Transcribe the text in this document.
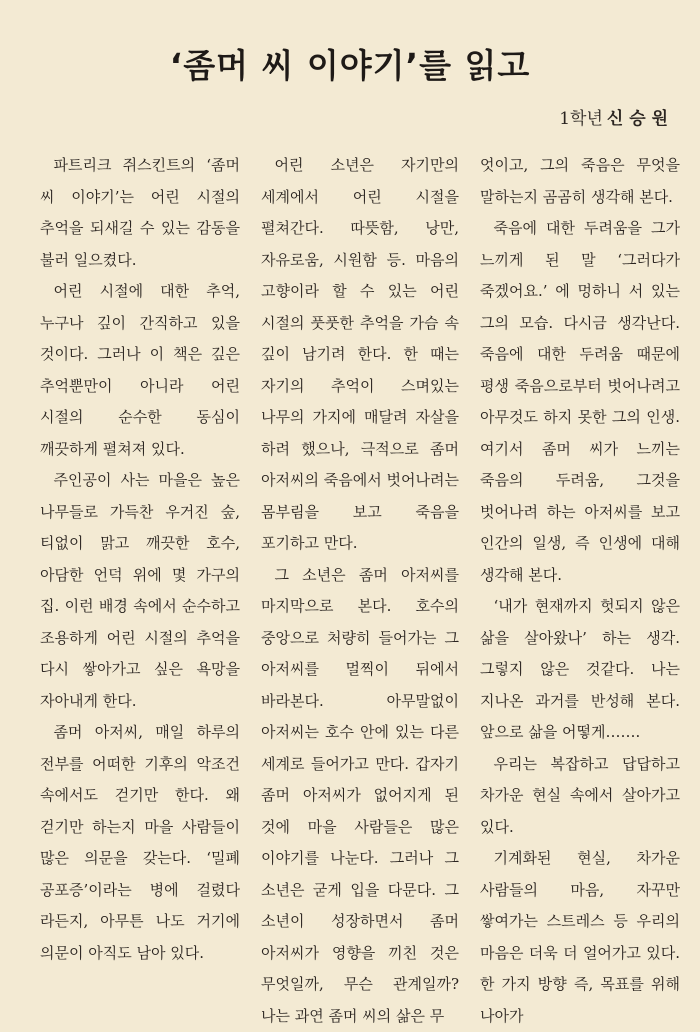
‘좀머 씨 이야기’를 읽고
1학년 신 승 원

파트리크 쥐스킨트의 ‘좀머 씨 이야기’는 어린 시절의 추억을 되새길 수 있는 감동을 불러 일으켰다.

어린 시절에 대한 추억, 누구나 깊이 간직하고 있을 것이다. 그러나 이 책은 깊은 추억뿐만이 아니라 어린 시절의 순수한 동심이 깨끗하게 펼쳐져 있다.

주인공이 사는 마을은 높은 나무들로 가득찬 우거진 숲, 티없이 맑고 깨끗한 호수, 아담한 언덕 위에 몇 가구의 집. 이런 배경 속에서 순수하고 조용하게 어린 시절의 추억을 다시 쌓아가고 싶은 욕망을 자아내게 한다.

좀머 아저씨, 매일 하루의 전부를 어떠한 기후의 악조건 속에서도 걷기만 한다. 왜 걷기만 하는지 마을 사람들이 많은 의문을 갖는다. ‘밀폐 공포증’이라는 병에 걸렸다 라든지, 아무튼 나도 거기에 의문이 아직도 남아 있다.

어린 소년은 자기만의 세계에서 어린 시절을 펼쳐간다. 따뜻함, 낭만, 자유로움, 시원함 등. 마음의 고향이라 할 수 있는 어린 시절의 풋풋한 추억을 가슴 속 깊이 남기려 한다. 한 때는 자기의 추억이 스며있는 나무의 가지에 매달려 자살을 하려 했으나, 극적으로 좀머 아저씨의 죽음에서 벗어나려는 몸부림을 보고 죽음을 포기하고 만다.

그 소년은 좀머 아저씨를 마지막으로 본다. 호수의 중앙으로 처량히 들어가는 그 아저씨를 멀찍이 뒤에서 바라본다. 아무말없이 아저씨는 호수 안에 있는 다른 세계로 들어가고 만다. 갑자기 좀머 아저씨가 없어지게 된 것에 마을 사람들은 많은 이야기를 나눈다. 그러나 그 소년은 굳게 입을 다문다. 그 소년이 성장하면서 좀머 아저씨가 영향을 끼친 것은 무엇일까, 무슨 관계일까? 나는 과연 좀머 씨의 삶은 무

엇이고, 그의 죽음은 무엇을 말하는지 곰곰히 생각해 본다.

죽음에 대한 두려움을 그가 느끼게 된 말 ‘그러다가 죽겠어요.’ 에 멍하니 서 있는 그의 모습. 다시금 생각난다. 죽음에 대한 두려움 때문에 평생 죽음으로부터 벗어나려고 아무것도 하지 못한 그의 인생. 여기서 좀머 씨가 느끼는 죽음의 두려움, 그것을 벗어나려 하는 아저씨를 보고 인간의 일생, 즉 인생에 대해 생각해 본다.

‘내가 현재까지 헛되지 않은 삶을 살아왔나’ 하는 생각. 그렇지 않은 것같다. 나는 지나온 과거를 반성해 본다. 앞으로 삶을 어떻게…….

우리는 복잡하고 답답하고 차가운 현실 속에서 살아가고 있다.

기계화된 현실, 차가운 사람들의 마음, 자꾸만 쌓여가는 스트레스 등 우리의 마음은 더욱 더 얼어가고 있다. 한 가지 방향 즉, 목표를 위해 나아가
